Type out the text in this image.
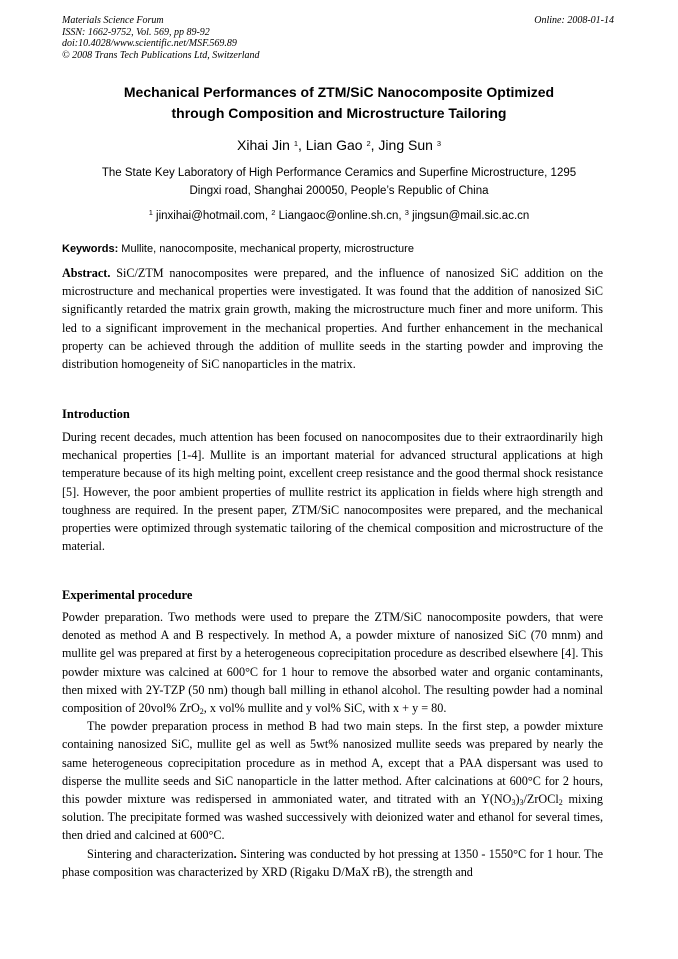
Materials Science Forum
ISSN: 1662-9752, Vol. 569, pp 89-92
doi:10.4028/www.scientific.net/MSF.569.89
© 2008 Trans Tech Publications Ltd, Switzerland
Online: 2008-01-14
Mechanical Performances of ZTM/SiC Nanocomposite Optimized
through Composition and Microstructure Tailoring
Xihai Jin $^1$, Lian Gao $^2$, Jing Sun $^3$
The State Key Laboratory of High Performance Ceramics and Superfine Microstructure, 1295
Dingxi road, Shanghai 200050, People’s Republic of China
$^1$ jinxihai@hotmail.com, $^2$ Liangaoc@online.sh.cn, $^3$ jingsun@mail.sic.ac.cn
Keywords: Mullite, nanocomposite, mechanical property, microstructure

Abstract. SiC/ZTM nanocomposites were prepared, and the influence of nanosized SiC addition on the microstructure and mechanical properties were investigated. It was found that the addition of nanosized SiC significantly retarded the matrix grain growth, making the microstructure much finer and more uniform. This led to a significant improvement in the mechanical properties. And further enhancement in the mechanical property can be achieved through the addition of mullite seeds in the starting powder and improving the distribution homogeneity of SiC nanoparticles in the matrix.

Introduction

During recent decades, much attention has been focused on nanocomposites due to their extraordinarily high mechanical properties [1-4]. Mullite is an important material for advanced structural applications at high temperature because of its high melting point, excellent creep resistance and the good thermal shock resistance [5]. However, the poor ambient properties of mullite restrict its application in fields where high strength and toughness are required. In the present paper, ZTM/SiC nanocomposites were prepared, and the mechanical properties were optimized through systematic tailoring of the chemical composition and microstructure of the material.

Experimental procedure

Powder preparation. Two methods were used to prepare the ZTM/SiC nanocomposite powders, that were denoted as method A and B respectively. In method A, a powder mixture of nanosized SiC (70 mnm) and mullite gel was prepared at first by a heterogeneous coprecipitation procedure as described elsewhere [4]. This powder mixture was calcined at 600°C for 1 hour to remove the absorbed water and organic contaminants, then mixed with 2Y-TZP (50 nm) though ball milling in ethanol alcohol. The resulting powder had a nominal composition of 20vol% ZrO2, x vol% mullite and y vol% SiC, with x + y = 80.

The powder preparation process in method B had two main steps. In the first step, a powder mixture containing nanosized SiC, mullite gel as well as 5wt% nanosized mullite seeds was prepared by nearly the same heterogeneous coprecipitation procedure as in method A, except that a PAA dispersant was used to disperse the mullite seeds and SiC nanoparticle in the latter method. After calcinations at 600°C for 2 hours, this powder mixture was redispersed in ammoniated water, and titrated with an Y(NO3)3/ZrOCl2 mixing solution. The precipitate formed was washed successively with deionized water and ethanol for several times, then dried and calcined at 600°C.

Sintering and characterization. Sintering was conducted by hot pressing at 1350 - 1550°C for 1 hour. The phase composition was characterized by XRD (Rigaku D/MaX rB), the strength and
